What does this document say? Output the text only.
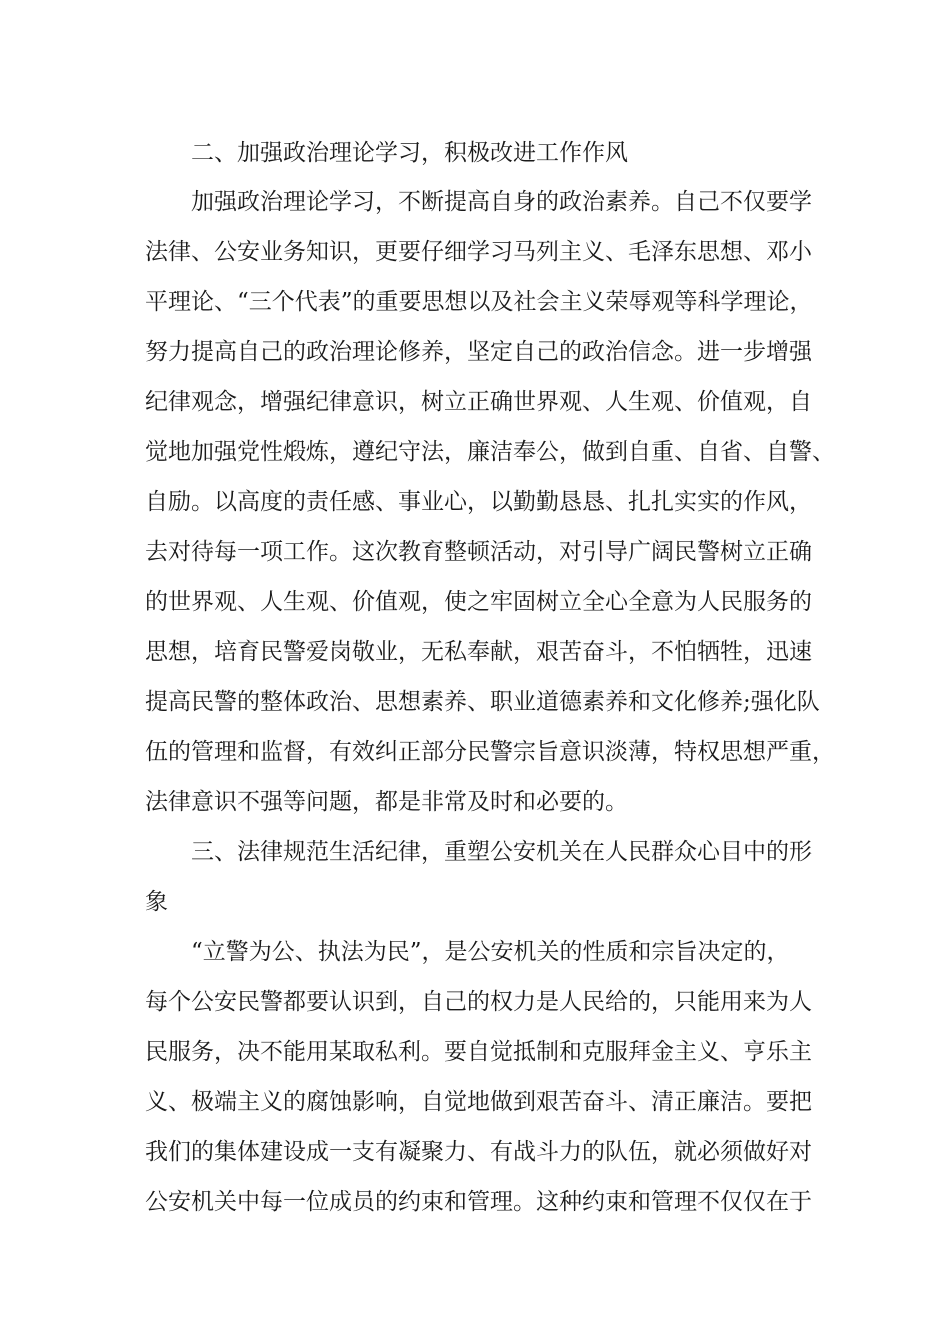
二、加强政治理论学习，积极改进工作作风
加强政治理论学习，不断提高自身的政治素养。自己不仅要学
法律、公安业务知识，更要仔细学习马列主义、毛泽东思想、邓小
平理论、“三个代表”的重要思想以及社会主义荣辱观等科学理论，
努力提高自己的政治理论修养，坚定自己的政治信念。进一步增强
纪律观念，增强纪律意识，树立正确世界观、人生观、价值观，自
觉地加强党性煅炼，遵纪守法，廉洁奉公，做到自重、自省、自警、
自励。以高度的责任感、事业心，以勤勤恳恳、扎扎实实的作风，
去对待每一项工作。这次教育整顿活动，对引导广阔民警树立正确
的世界观、人生观、价值观，使之牢固树立全心全意为人民服务的
思想，培育民警爱岗敬业，无私奉献，艰苦奋斗，不怕牺牲，迅速
提高民警的整体政治、思想素养、职业道德素养和文化修养;强化队
伍的管理和监督，有效纠正部分民警宗旨意识淡薄，特权思想严重，
法律意识不强等问题，都是非常及时和必要的。
三、法律规范生活纪律，重塑公安机关在人民群众心目中的形
象
“立警为公、执法为民”，是公安机关的性质和宗旨决定的，
每个公安民警都要认识到，自己的权力是人民给的，只能用来为人
民服务，决不能用某取私利。要自觉抵制和克服拜金主义、亨乐主
义、极端主义的腐蚀影响，自觉地做到艰苦奋斗、清正廉洁。要把
我们的集体建设成一支有凝聚力、有战斗力的队伍，就必须做好对
公安机关中每一位成员的约束和管理。这种约束和管理不仅仅在于
